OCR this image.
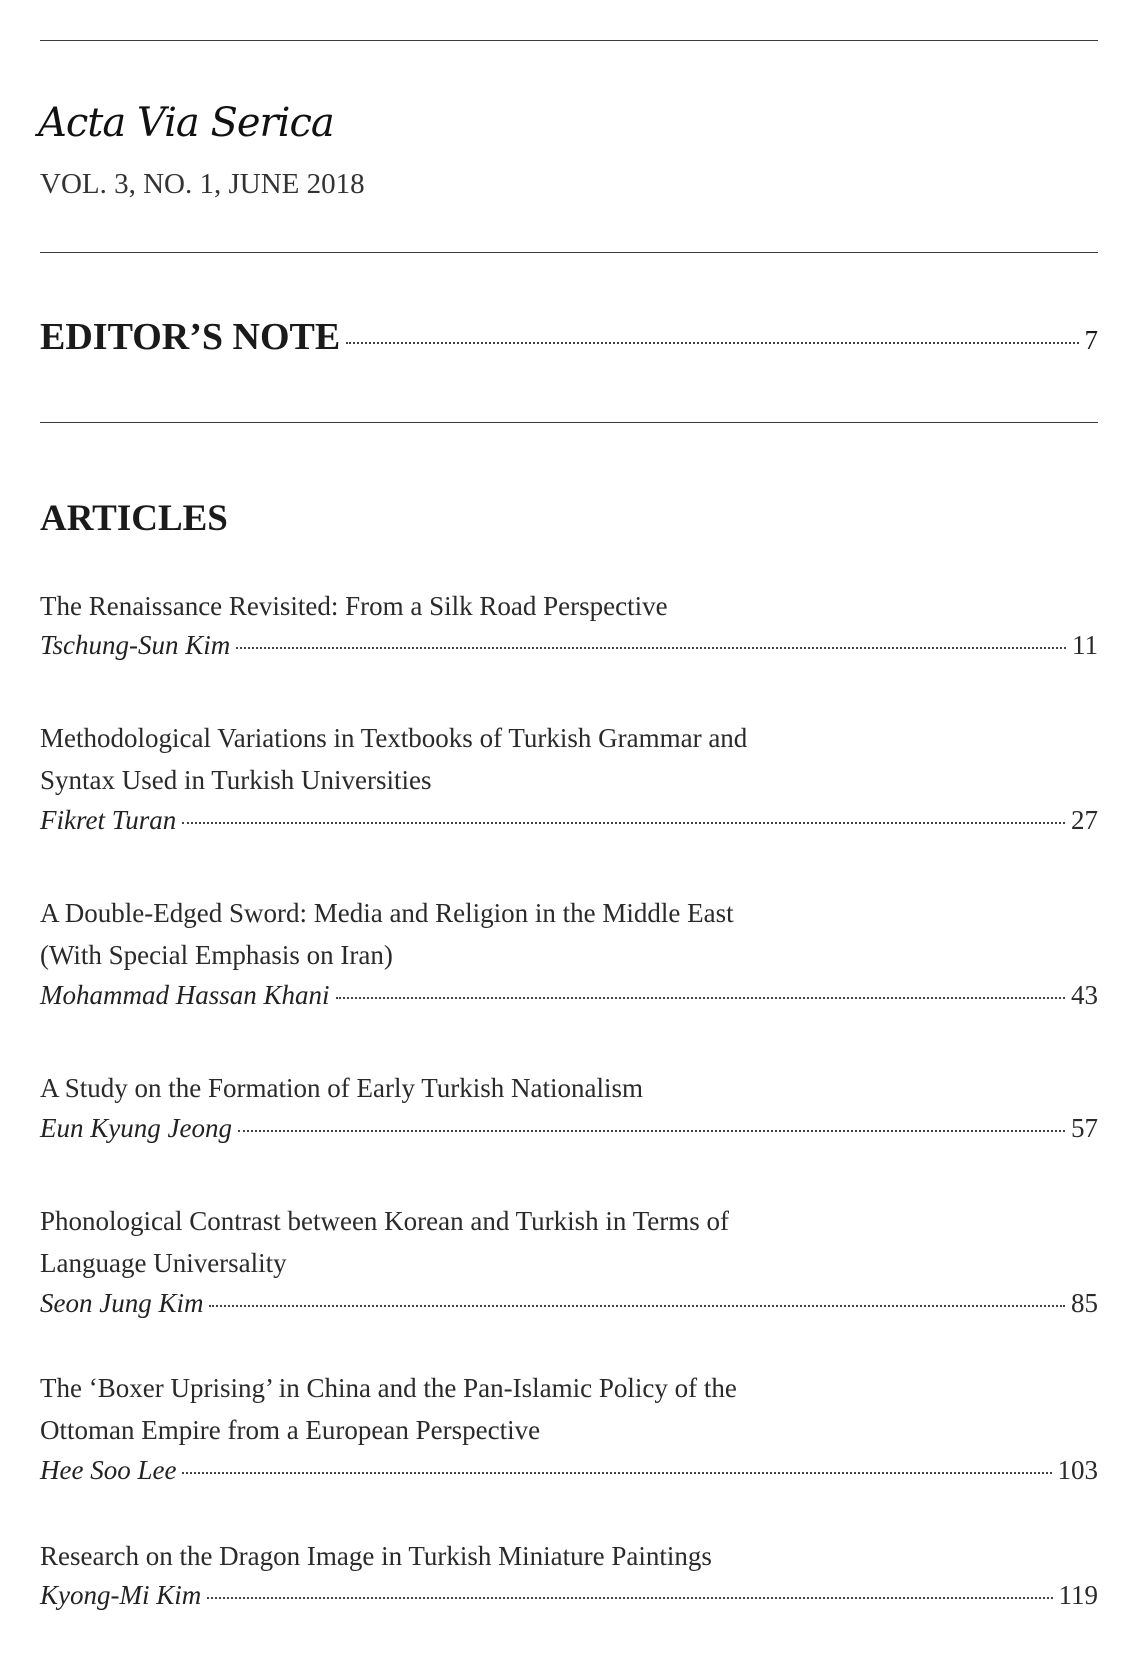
Acta Via Serica
VOL. 3, NO. 1, JUNE 2018
EDITOR’S NOTE	7
ARTICLES
The Renaissance Revisited: From a Silk Road Perspective
Tschung-Sun Kim	11
Methodological Variations in Textbooks of Turkish Grammar and
Syntax Used in Turkish Universities
Fikret Turan	27
A Double-Edged Sword: Media and Religion in the Middle East
(With Special Emphasis on Iran)
Mohammad Hassan Khani	43
A Study on the Formation of Early Turkish Nationalism
Eun Kyung Jeong	57
Phonological Contrast between Korean and Turkish in Terms of
Language Universality
Seon Jung Kim	85
The ‘Boxer Uprising’ in China and the Pan-Islamic Policy of the
Ottoman Empire from a European Perspective
Hee Soo Lee	103
Research on the Dragon Image in Turkish Miniature Paintings
Kyong-Mi Kim	119
